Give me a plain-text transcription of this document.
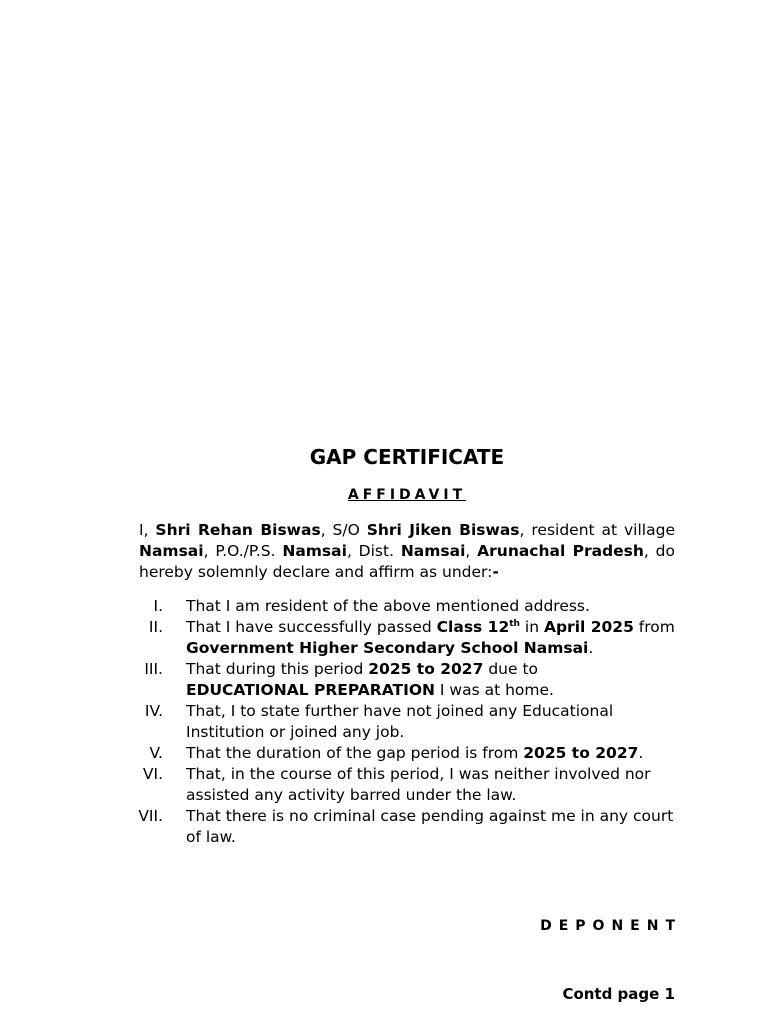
GAP CERTIFICATE

AFFIDAVIT

I, Shri Rehan Biswas, S/O Shri Jiken Biswas, resident at village Namsai, P.O./P.S. Namsai, Dist. Namsai, Arunachal Pradesh, do hereby solemnly declare and affirm as under:-

I.	That I am resident of the above mentioned address.
II.	That I have successfully passed Class 12th in April 2025 from Government Higher Secondary School Namsai.
III.	That during this period 2025 to 2027 due to
EDUCATIONAL PREPARATION I was at home.
IV.	That, I to state further have not joined any Educational Institution or joined any job.
V.	That the duration of the gap period is from 2025 to 2027.
VI.	That, in the course of this period, I was neither involved nor assisted any activity barred under the law.
VII.	That there is no criminal case pending against me in any court of law.

DEPONENT

Contd page 1
